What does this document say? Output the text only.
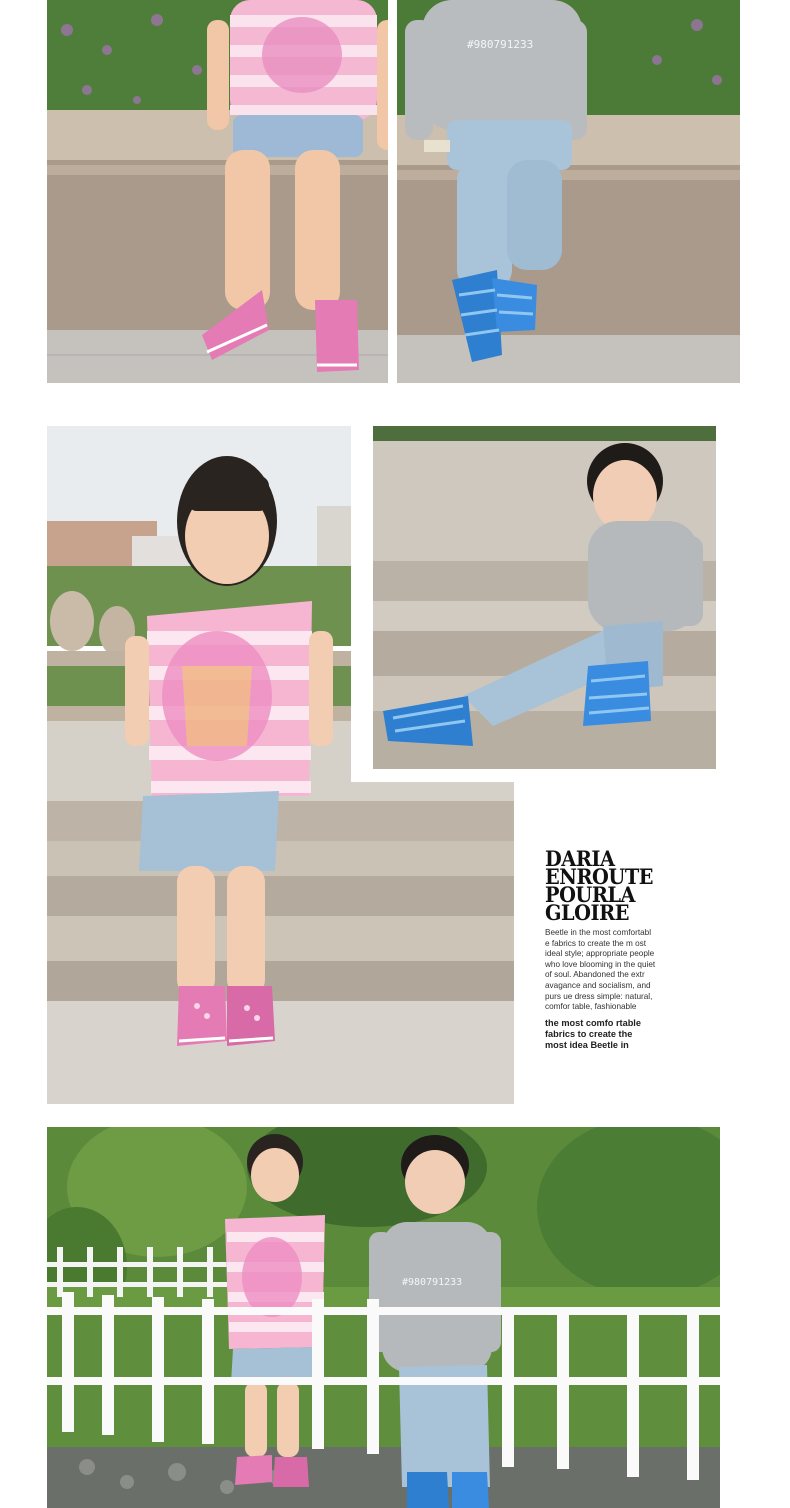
#980791233
DARIA
ENROUTE
POURLA
GLOIRE
Beetle in the most comfortabl e fabrics to create the m ost ideal style; appropriate people who love blooming in the quiet of soul. Abandoned the extr avagance and socialism, and purs ue dress simple: natural, comfor table, fashionable
the most comfo rtable fabrics to create the most idea Beetle in
#980791233
